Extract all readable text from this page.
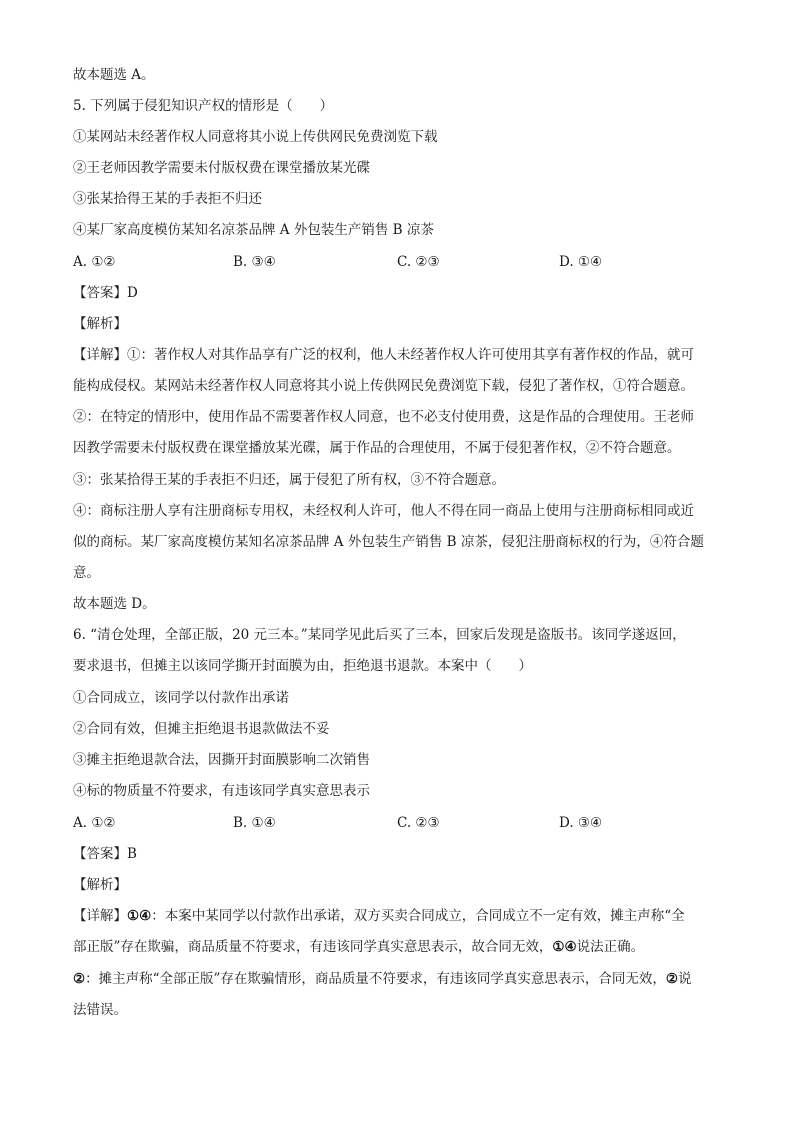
故本题选 A。
5. 下列属于侵犯知识产权的情形是（　　）
①某网站未经著作权人同意将其小说上传供网民免费浏览下载
②王老师因教学需要未付版权费在课堂播放某光碟
③张某拾得王某的手表拒不归还
④某厂家高度模仿某知名凉茶品牌 A 外包装生产销售 B 凉茶
A. ①②	B. ③④	C. ②③	D. ①④
【答案】D
【解析】
【详解】①：著作权人对其作品享有广泛的权利，他人未经著作权人许可使用其享有著作权的作品，就可
能构成侵权。某网站未经著作权人同意将其小说上传供网民免费浏览下载，侵犯了著作权，①符合题意。
②：在特定的情形中，使用作品不需要著作权人同意，也不必支付使用费，这是作品的合理使用。王老师
因教学需要未付版权费在课堂播放某光碟，属于作品的合理使用，不属于侵犯著作权，②不符合题意。
③：张某拾得王某的手表拒不归还，属于侵犯了所有权，③不符合题意。
④：商标注册人享有注册商标专用权，未经权利人许可，他人不得在同一商品上使用与注册商标相同或近
似的商标。某厂家高度模仿某知名凉茶品牌 A 外包装生产销售 B 凉茶，侵犯注册商标权的行为，④符合题
意。
故本题选 D。
6. “清仓处理，全部正版，20 元三本。”某同学见此后买了三本，回家后发现是盗版书。该同学遂返回，
要求退书，但摊主以该同学撕开封面膜为由，拒绝退书退款。本案中（　　）
①合同成立，该同学以付款作出承诺
②合同有效，但摊主拒绝退书退款做法不妥
③摊主拒绝退款合法，因撕开封面膜影响二次销售
④标的物质量不符要求，有违该同学真实意思表示
A. ①②	B. ①④	C. ②③	D. ③④
【答案】B
【解析】
【详解】①④：本案中某同学以付款作出承诺，双方买卖合同成立，合同成立不一定有效，摊主声称“全
部正版”存在欺骗，商品质量不符要求，有违该同学真实意思表示，故合同无效，①④说法正确。
②：摊主声称“全部正版”存在欺骗情形，商品质量不符要求，有违该同学真实意思表示，合同无效，②说
法错误。
